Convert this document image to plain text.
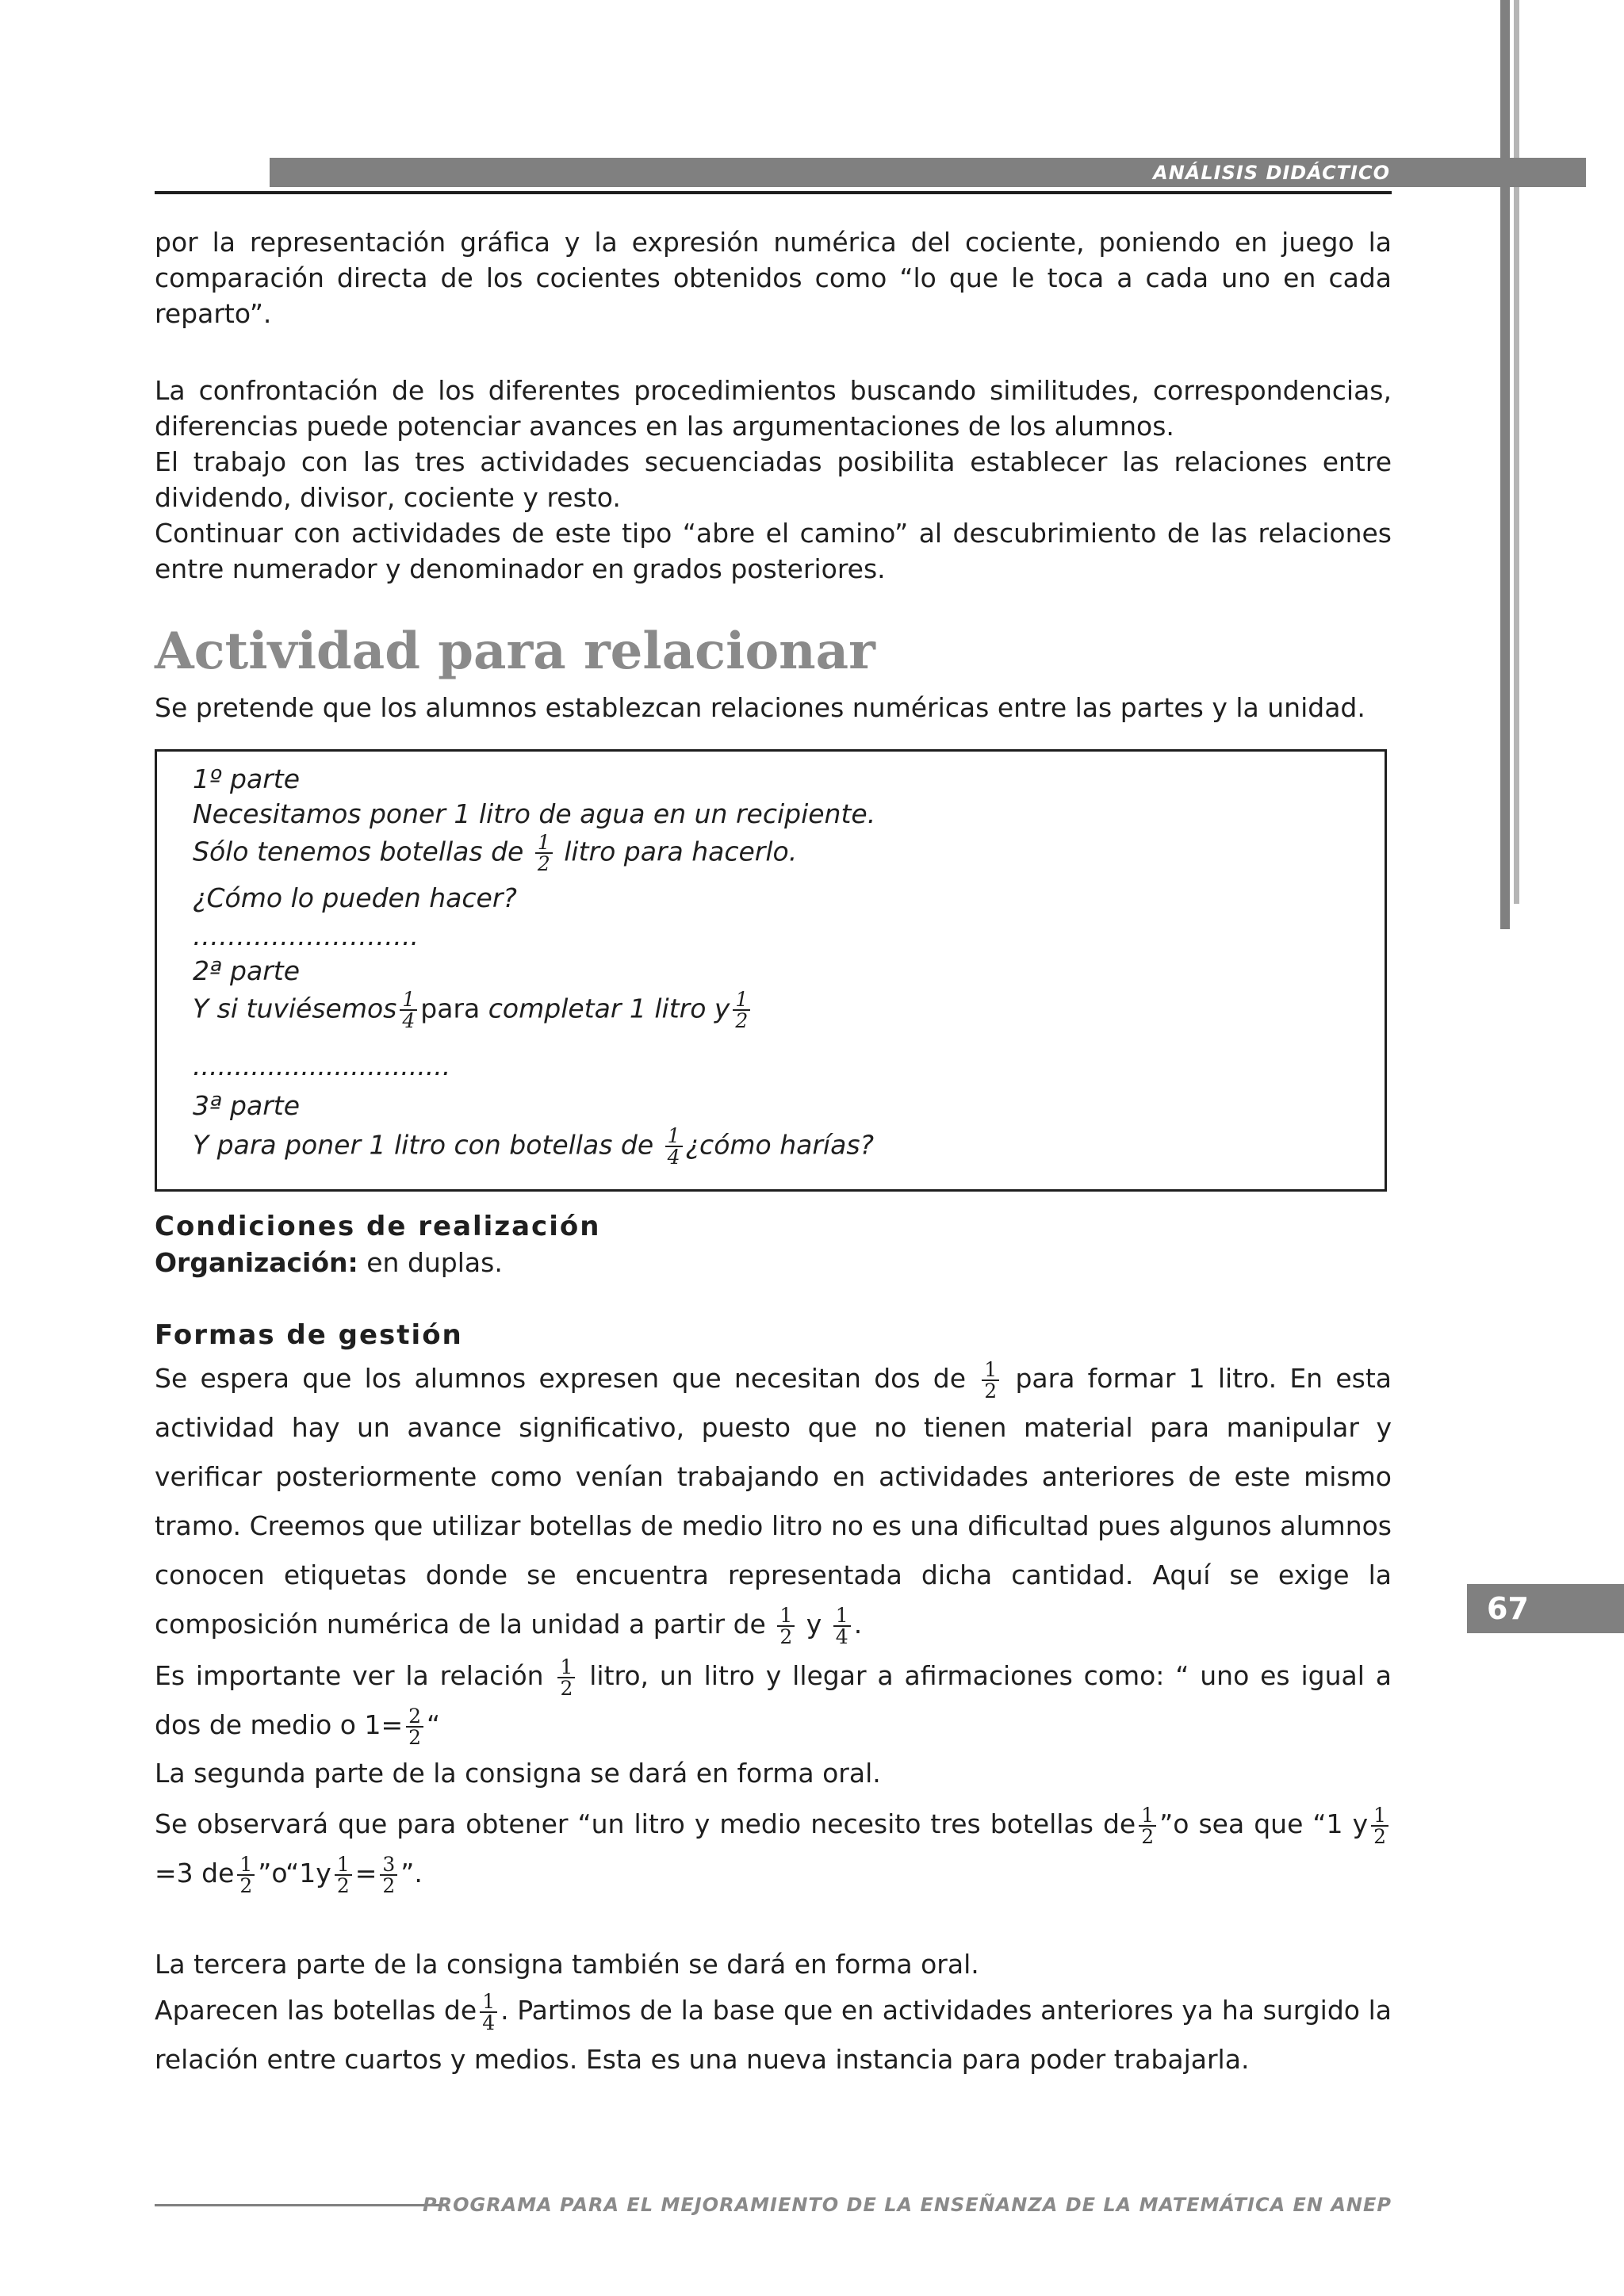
ANÁLISIS DIDÁCTICO

por la representación gráfica y la expresión numérica del cociente, poniendo en juego la comparación directa de los cocientes obtenidos como “lo que le toca a cada uno en cada reparto”.

La confrontación de los diferentes procedimientos buscando similitudes, correspondencias, diferencias puede potenciar avances en las argumentaciones de los alumnos.

El trabajo con las tres actividades secuenciadas posibilita establecer las relaciones entre dividendo, divisor, cociente y resto.

Continuar con actividades de este tipo “abre el camino” al descubrimiento de las relaciones entre numerador y denominador en grados posteriores.

Actividad para relacionar

Se pretende que los alumnos establezcan relaciones numéricas entre las partes y la unidad.

1º parte

Necesitamos poner 1 litro de agua en un recipiente.

Sólo tenemos botellas de $\frac{1}{2}$ litro para hacerlo.

¿Cómo lo pueden hacer?

……………………..

2ª parte

Y si tuviésemos $\frac{1}{4}$ para completar 1 litro y $\frac{1}{2}$

...............................

3ª parte

Y para poner 1 litro con botellas de $\frac{1}{4}$ ¿cómo harías?

Condiciones de realización

Organización: en duplas.

Formas de gestión

Se espera que los alumnos expresen que necesitan dos de $\frac{1}{2}$ para formar 1 litro. En esta actividad hay un avance significativo, puesto que no tienen material para manipular y verificar posteriormente como venían trabajando en actividades anteriores de este mismo tramo. Creemos que utilizar botellas de medio litro no es una dificultad pues algunos alumnos conocen etiquetas donde se encuentra representada dicha cantidad. Aquí se exige la composición numérica de la unidad a partir de $\frac{1}{2}$ y $\frac{1}{4}$ .

Es importante ver la relación $\frac{1}{2}$ litro, un litro y llegar a afirmaciones como: “ uno es igual a dos de medio o $1= \frac{2}{2}$ “

La segunda parte de la consigna se dará en forma oral.

Se observará que para obtener “un litro y medio necesito tres botellas de $\frac{1}{2}$ ”o sea que “1 y $\frac{1}{2}$
=3 de $\frac{1}{2}$ ”o“1y $\frac{1}{2} = \frac{3}{2}$ ”.

La tercera parte de la consigna también se dará en forma oral.

Aparecen las botellas de $\frac{1}{4}$ . Partimos de la base que en actividades anteriores ya ha surgido la relación entre cuartos y medios. Esta es una nueva instancia para poder trabajarla.

67
PROGRAMA PARA EL MEJORAMIENTO DE LA ENSEÑANZA DE LA MATEMÁTICA EN ANEP
